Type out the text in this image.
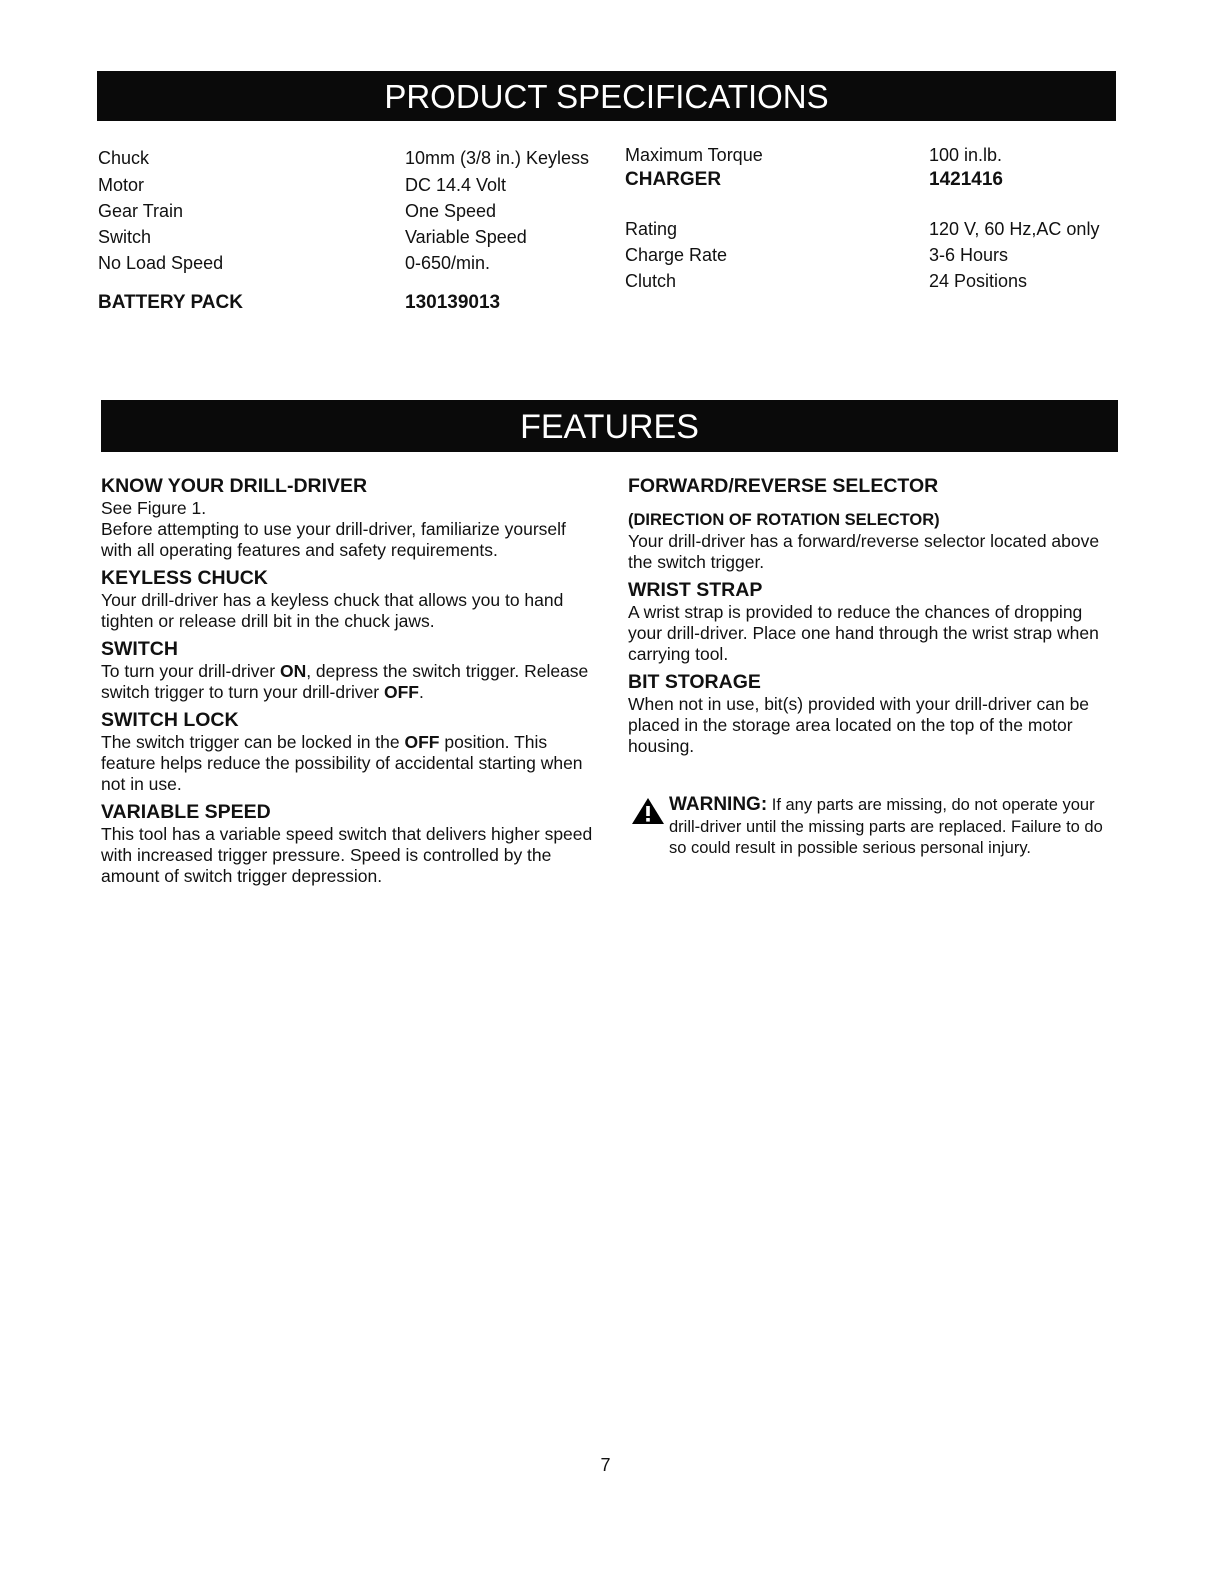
PRODUCT SPECIFICATIONS
Chuck	10mm (3/8 in.) Keyless
Motor	DC 14.4 Volt
Gear Train	One Speed
Switch	Variable Speed
No Load Speed	0-650/min.
BATTERY PACK	130139013
Maximum Torque	100 in.lb.
CHARGER	1421416
Rating	120 V, 60 Hz,AC only
Charge Rate	3-6 Hours
Clutch	24 Positions
FEATURES

KNOW YOUR DRILL-DRIVER

See Figure 1.

Before attempting to use your drill-driver, familiarize yourself with all operating features and safety requirements.

KEYLESS CHUCK

Your drill-driver has a keyless chuck that allows you to hand tighten or release drill bit in the chuck jaws.

SWITCH

To turn your drill-driver ON, depress the switch trigger. Release switch trigger to turn your drill-driver OFF.

SWITCH LOCK

The switch trigger can be locked in the OFF position. This feature helps reduce the possibility of accidental starting when not in use.

VARIABLE SPEED

This tool has a variable speed switch that delivers higher speed with increased trigger pressure. Speed is controlled by the amount of switch trigger depression.

FORWARD/REVERSE SELECTOR

(DIRECTION OF ROTATION SELECTOR)

Your drill-driver has a forward/reverse selector located above the switch trigger.

WRIST STRAP

A wrist strap is provided to reduce the chances of dropping your drill-driver. Place one hand through the wrist strap when carrying tool.

BIT STORAGE

When not in use, bit(s) provided with your drill-driver can be placed in the storage area located on the top of the motor housing.

WARNING: If any parts are missing, do not operate your drill-driver until the missing parts are replaced. Failure to do so could result in possible serious personal injury.
7
